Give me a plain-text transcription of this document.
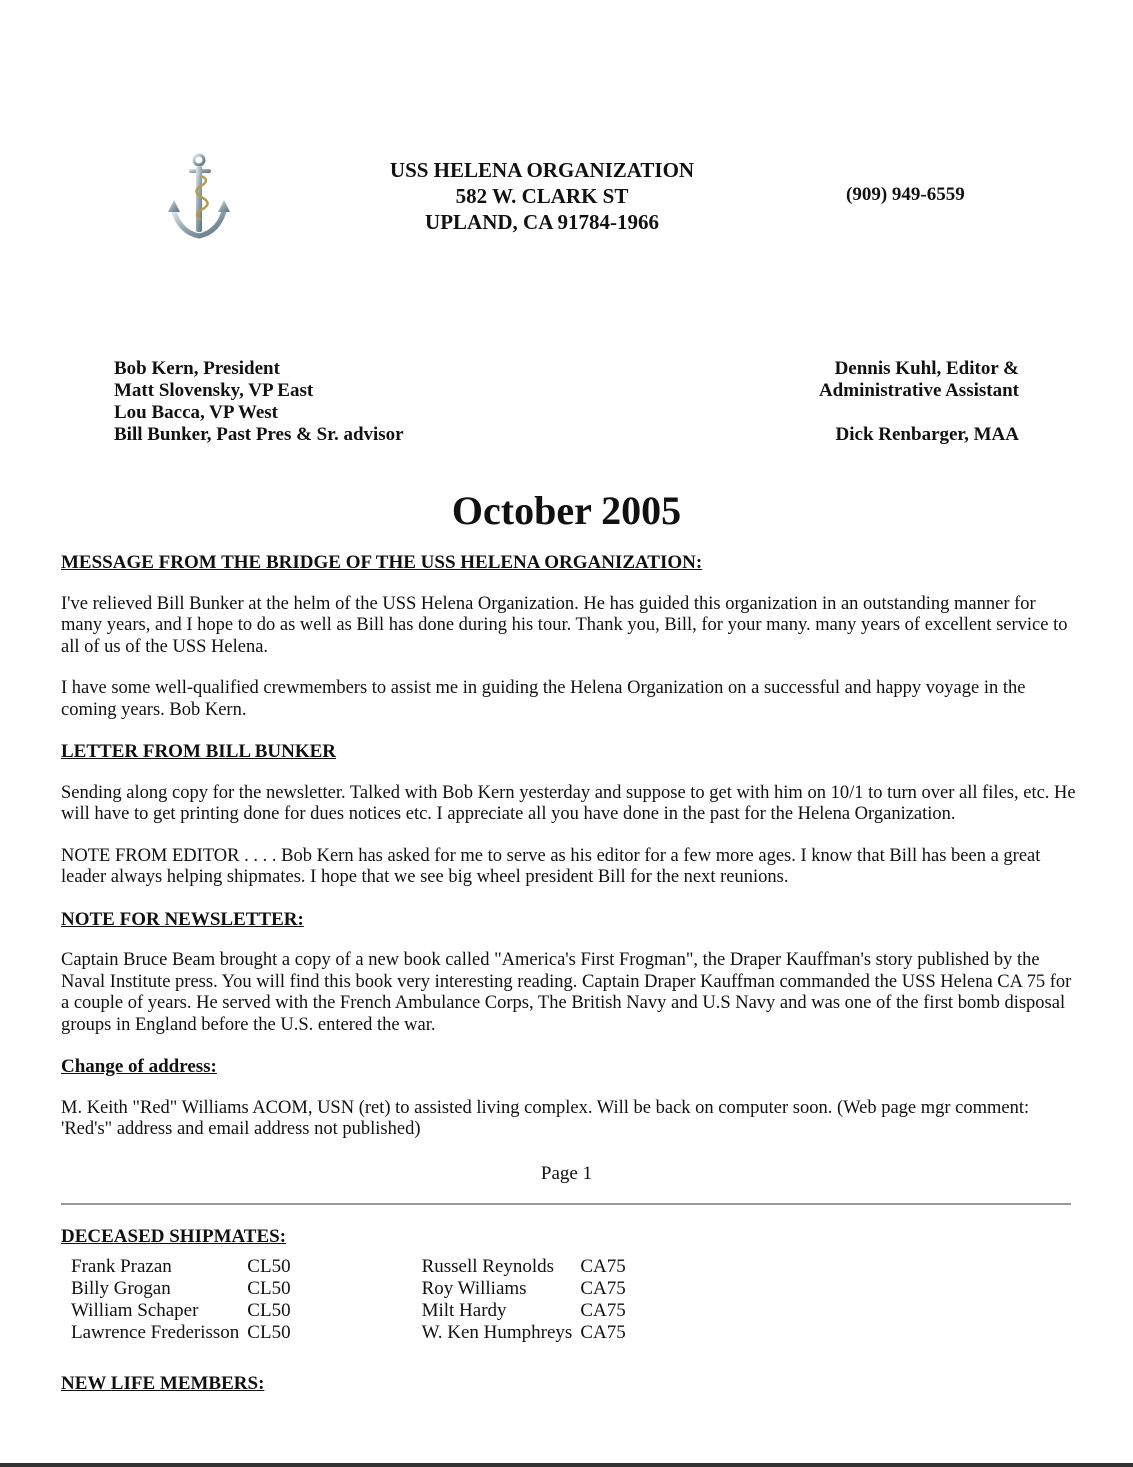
USS HELENA ORGANIZATION
582 W. CLARK ST
UPLAND, CA 91784-1966
(909) 949-6559
Bob Kern, President
Matt Slovensky, VP East
Lou Bacca, VP West
Bill Bunker, Past Pres & Sr. advisor
Dennis Kuhl, Editor &
Administrative Assistant
Dick Renbarger, MAA
October 2005
MESSAGE FROM THE BRIDGE OF THE USS HELENA ORGANIZATION:

I've relieved Bill Bunker at the helm of the USS Helena Organization. He has guided this organization in an outstanding manner for many years, and I hope to do as well as Bill has done during his tour. Thank you, Bill, for your many. many years of excellent service to all of us of the USS Helena.

I have some well-qualified crewmembers to assist me in guiding the Helena Organization on a successful and happy voyage in the coming years. Bob Kern.

LETTER FROM BILL BUNKER

Sending along copy for the newsletter. Talked with Bob Kern yesterday and suppose to get with him on 10/1 to turn over all files, etc. He will have to get printing done for dues notices etc. I appreciate all you have done in the past for the Helena Organization.

NOTE FROM EDITOR . . . . Bob Kern has asked for me to serve as his editor for a few more ages. I know that Bill has been a great leader always helping shipmates. I hope that we see big wheel president Bill for the next reunions.

NOTE FOR NEWSLETTER:

Captain Bruce Beam brought a copy of a new book called "America's First Frogman", the Draper Kauffman's story published by the Naval Institute press. You will find this book very interesting reading. Captain Draper Kauffman commanded the USS Helena CA 75 for a couple of years. He served with the French Ambulance Corps, The British Navy and U.S Navy and was one of the first bomb disposal groups in England before the U.S. entered the war.

Change of address:

M. Keith "Red" Williams ACOM, USN (ret) to assisted living complex. Will be back on computer soon. (Web page mgr comment: 'Red's" address and email address not published)

Page 1
DECEASED SHIPMATES:
Frank Prazan	CL50		Russell Reynolds	CA75
Billy Grogan	CL50		Roy Williams	CA75
William Schaper	CL50		Milt Hardy	CA75
Lawrence Frederisson	CL50		W. Ken Humphreys	CA75
NEW LIFE MEMBERS:
